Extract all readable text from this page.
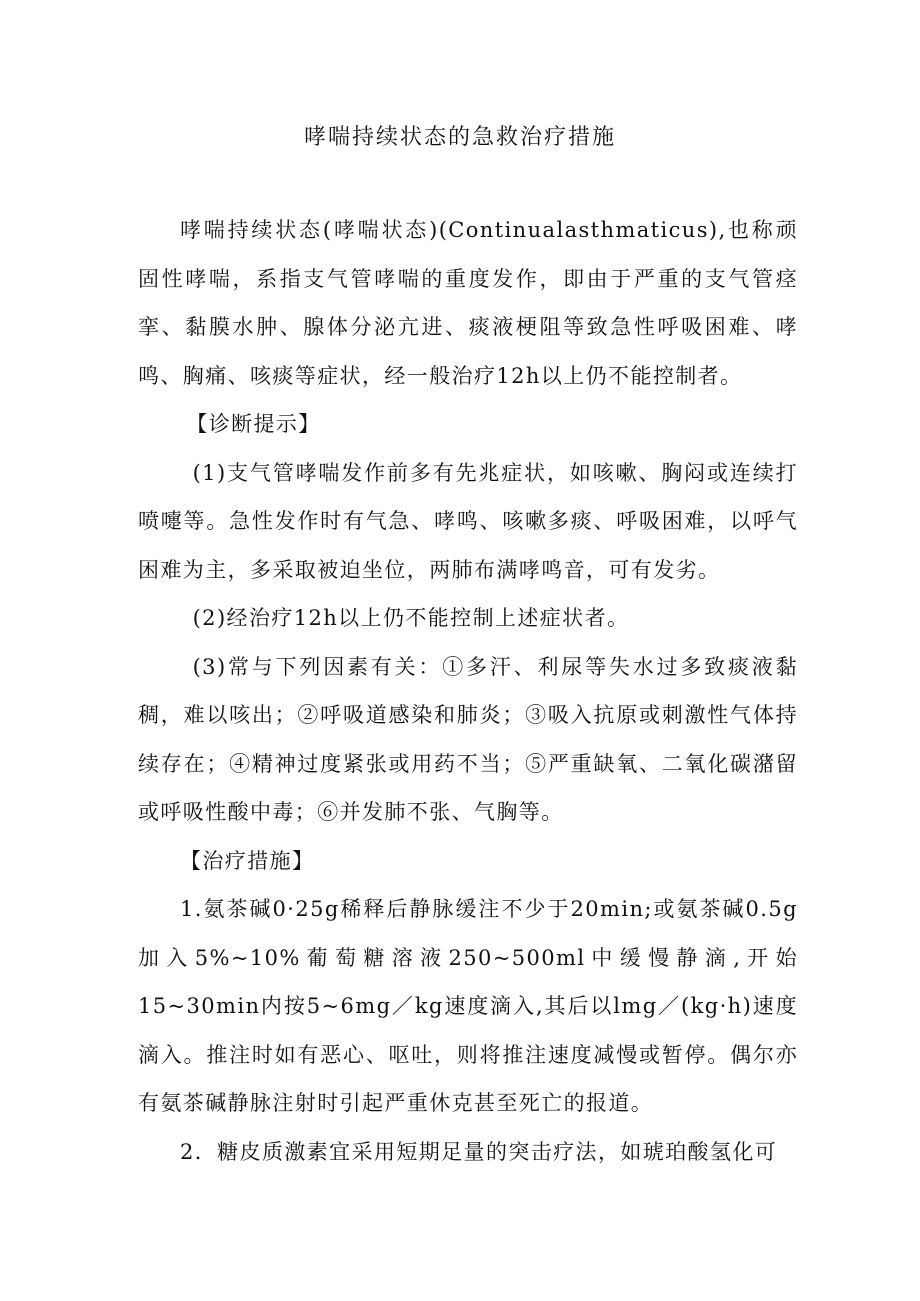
哮喘持续状态的急救治疗措施

哮喘持续状态(哮喘状态)(Continualasthmaticus),也称顽固性哮喘，系指支气管哮喘的重度发作，即由于严重的支气管痉挛、黏膜水肿、腺体分泌亢进、痰液梗阻等致急性呼吸困难、哮鸣、胸痛、咳痰等症状，经一般治疗12h以上仍不能控制者。

【诊断提示】

(1)支气管哮喘发作前多有先兆症状，如咳嗽、胸闷或连续打喷嚏等。急性发作时有气急、哮鸣、咳嗽多痰、呼吸困难，以呼气困难为主，多采取被迫坐位，两肺布满哮鸣音，可有发劣。

(2)经治疗12h以上仍不能控制上述症状者。

(3)常与下列因素有关：①多汗、利尿等失水过多致痰液黏稠，难以咳出；②呼吸道感染和肺炎；③吸入抗原或刺激性气体持续存在；④精神过度紧张或用药不当；⑤严重缺氧、二氧化碳潴留或呼吸性酸中毒；⑥并发肺不张、气胸等。

【治疗措施】

1.氨茶碱0·25g稀释后静脉缓注不少于20min;或氨茶碱0.5g加入5%~10%葡萄糖溶液250~500ml中缓慢静滴,开始15~30min内按5~6mg／kg速度滴入,其后以lmg／(kg·h)速度滴入。推注时如有恶心、呕吐，则将推注速度减慢或暂停。偶尔亦有氨茶碱静脉注射时引起严重休克甚至死亡的报道。

2．糖皮质激素宜采用短期足量的突击疗法，如琥珀酸氢化可
